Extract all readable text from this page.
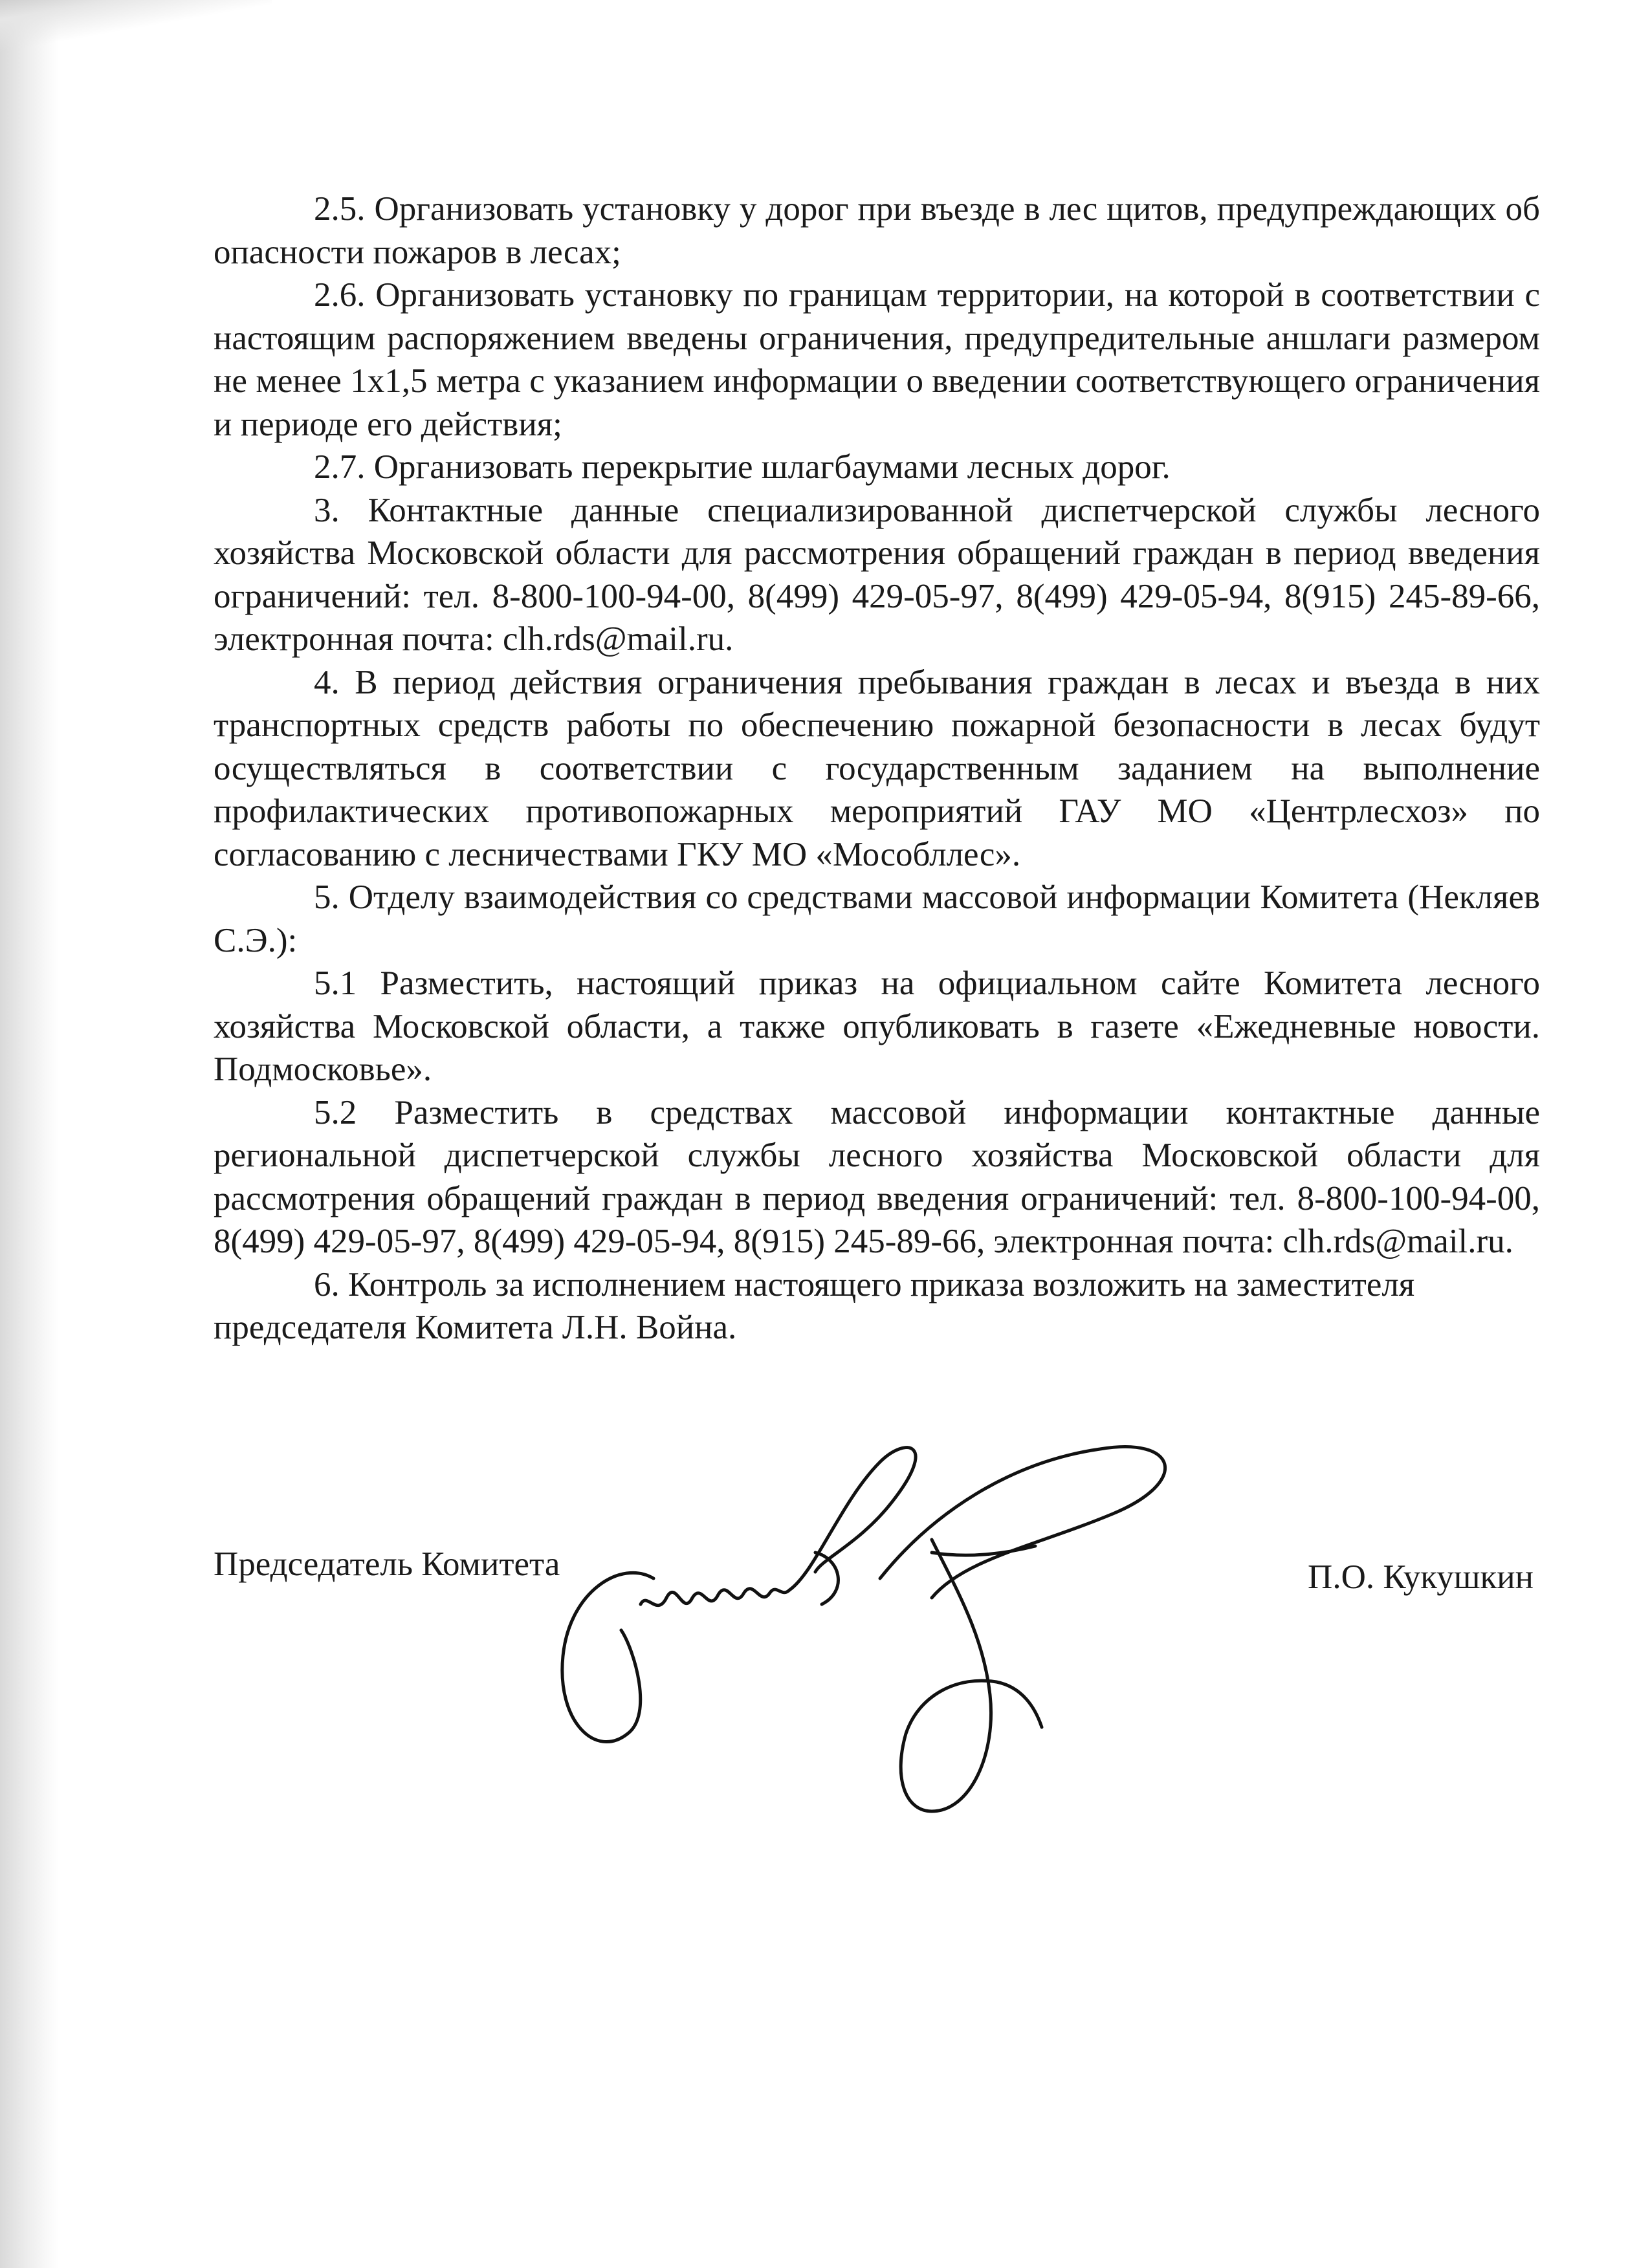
2.5. Организовать установку у дорог при въезде в лес щитов, предупреждающих об опасности пожаров в лесах;

2.6. Организовать установку по границам территории, на которой в соответствии с настоящим распоряжением введены ограничения, предупредительные аншлаги размером не менее 1x1,5 метра с указанием информации о введении соответствующего ограничения и периоде его действия;

2.7. Организовать перекрытие шлагбаумами лесных дорог.

3. Контактные данные специализированной диспетчерской службы лесного хозяйства Московской области для рассмотрения обращений граждан в период введения ограничений: тел. 8-800-100-94-00, 8(499) 429-05-97, 8(499) 429-05-94, 8(915) 245-89-66, электронная почта: clh.rds@mail.ru.

4. В период действия ограничения пребывания граждан в лесах и въезда в них транспортных средств работы по обеспечению пожарной безопасности в лесах будут осуществляться в соответствии с государственным заданием на выполнение профилактических противопожарных мероприятий ГАУ МО «Центрлесхоз» по согласованию с лесничествами ГКУ МО «Мособллес».

5. Отделу взаимодействия со средствами массовой информации Комитета (Некляев С.Э.):

5.1 Разместить, настоящий приказ на официальном сайте Комитета лесного хозяйства Московской области, а также опубликовать в газете «Ежедневные новости. Подмосковье».

5.2 Разместить в средствах массовой информации контактные данные региональной диспетчерской службы лесного хозяйства Московской области для рассмотрения обращений граждан в период введения ограничений: тел. 8-800-100-94-00, 8(499) 429-05-97, 8(499) 429-05-94, 8(915) 245-89-66, электронная почта: clh.rds@mail.ru.

6. Контроль за исполнением настоящего приказа возложить на заместителя председателя Комитета Л.Н. Война.

Председатель Комитета	П.О. Кукушкин
